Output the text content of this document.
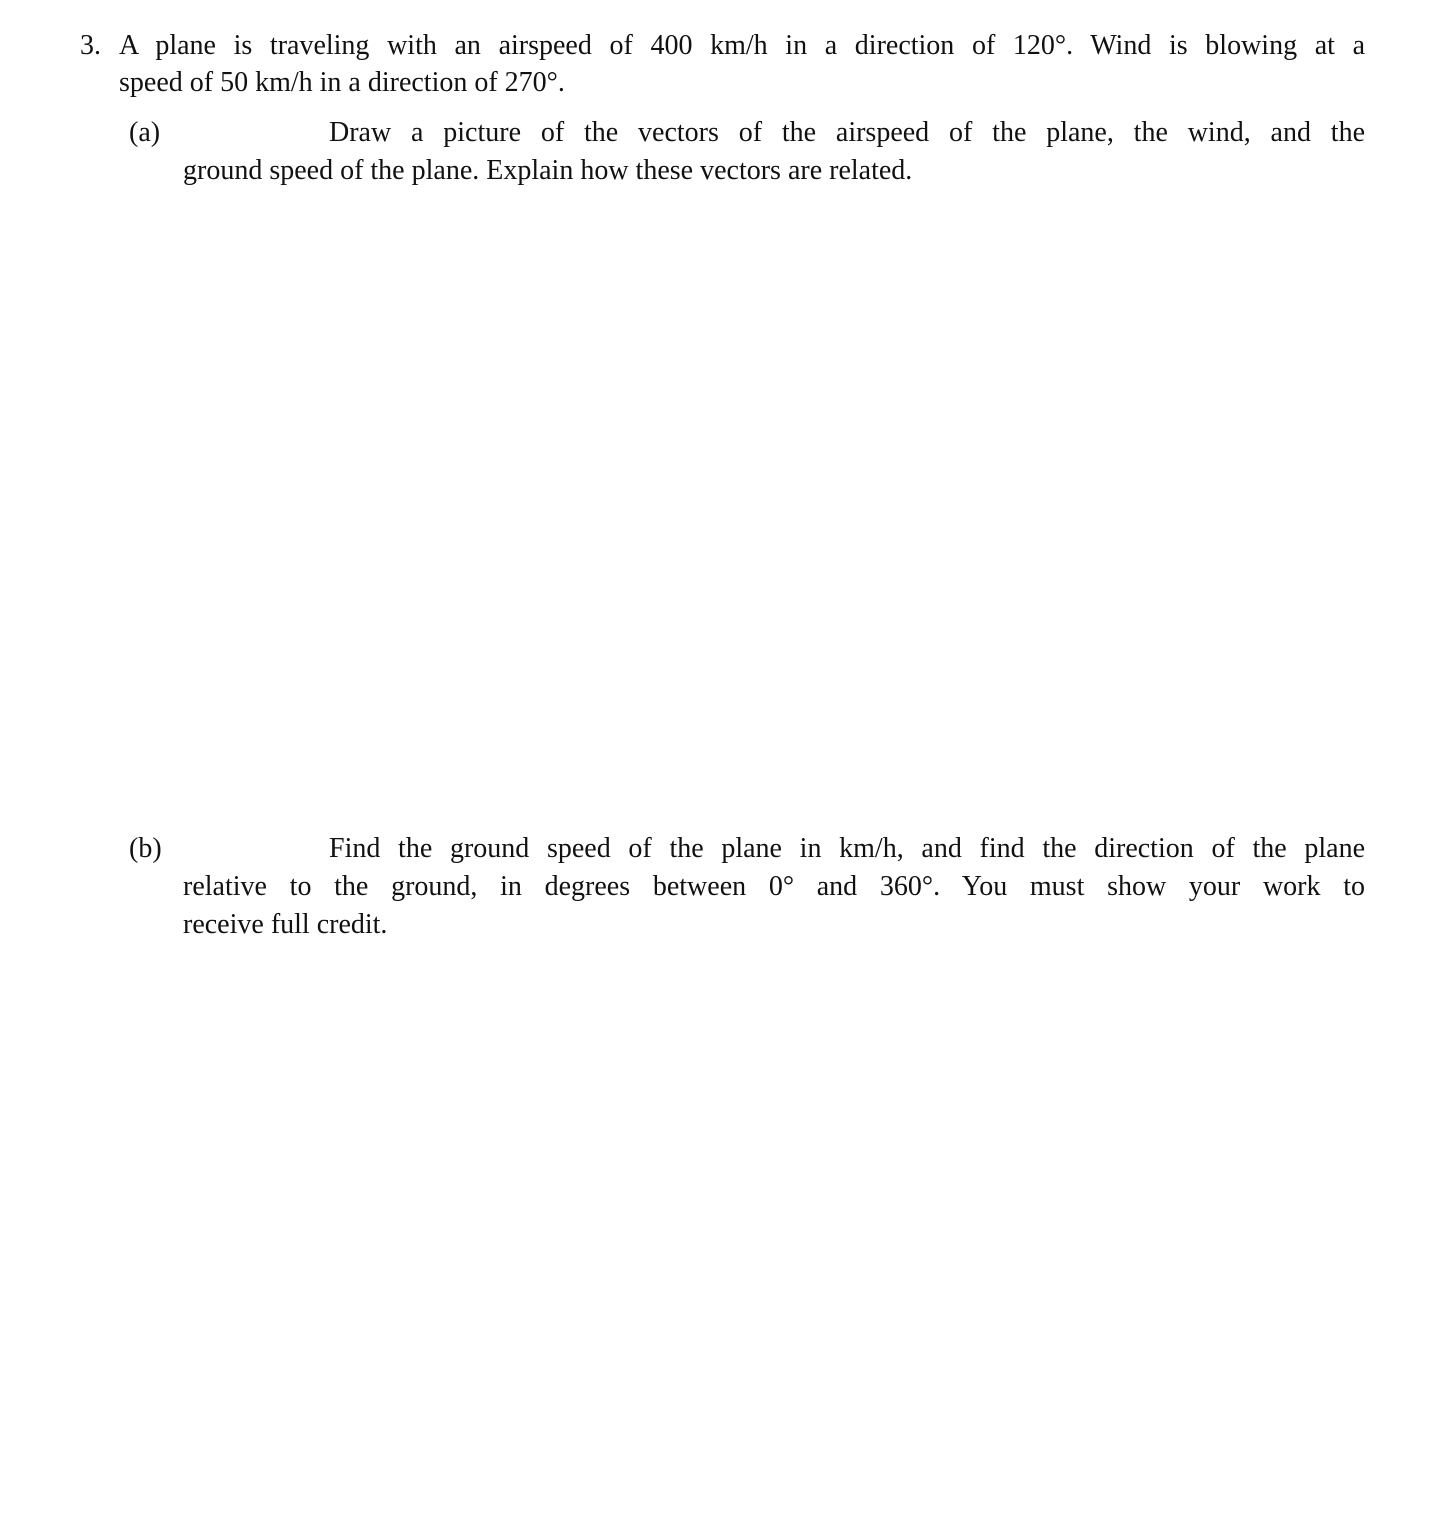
3. A plane is traveling with an airspeed of 400 km/h in a direction of 120°. Wind is blowing at a
speed of 50 km/h in a direction of 270°.
(a)	Draw a picture of the vectors of the airspeed of the plane, the wind, and the
ground speed of the plane. Explain how these vectors are related.
(b)	Find the ground speed of the plane in km/h, and find the direction of the plane
relative to the ground, in degrees between 0° and 360°. You must show your work to
receive full credit.
